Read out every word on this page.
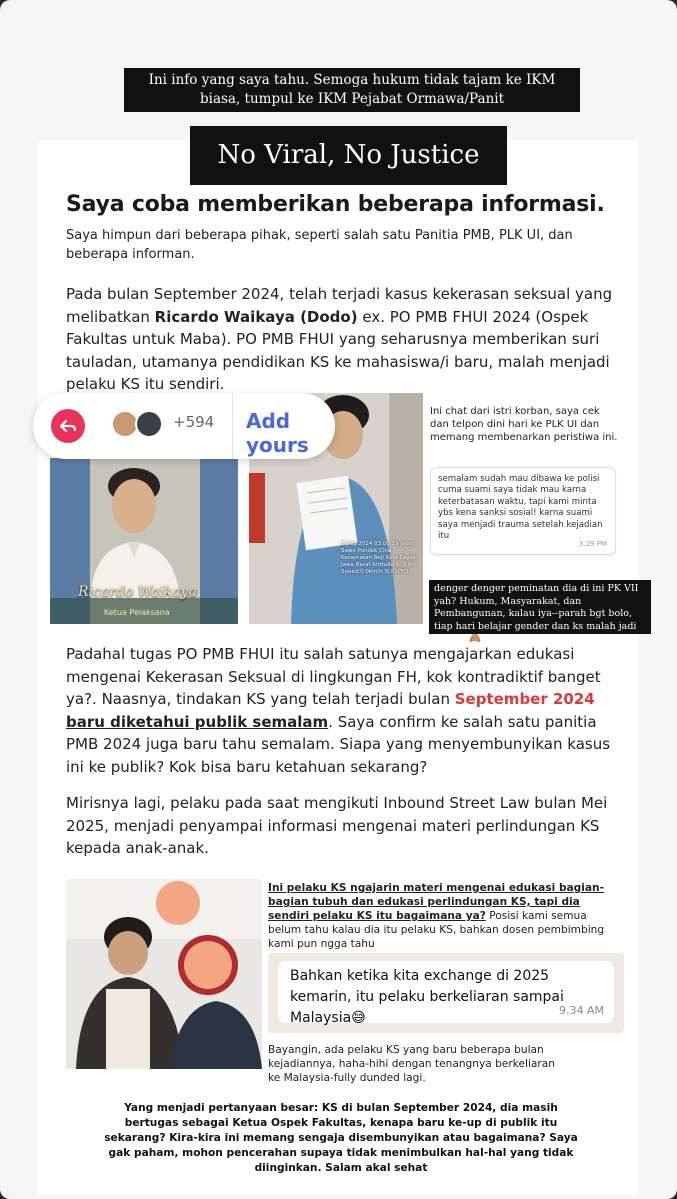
Ini info yang saya tahu. Semoga hukum tidak tajam ke IKM biasa, tumpul ke IKM Pejabat Ormawa/Panit
No Viral, No Justice
Saya coba memberikan beberapa informasi.
Saya himpun dari beberapa pihak, seperti salah satu Panitia PMB, PLK UI, dan beberapa informan.
Pada bulan September 2024, telah terjadi kasus kekerasan seksual yang melibatkan Ricardo Waikaya (Dodo) ex. PO PMB FHUI 2024 (Ospek Fakultas untuk Maba). PO PMB FHUI yang seharusnya memberikan suri tauladan, utamanya pendidikan KS ke mahasiswa/i baru, malah menjadi pelaku KS itu sendiri.
Ricardo Waikaya
Ketua Pelaksana
8 Sep 2024 03.00.19 Jalan Sawo Pondok Cina Kecamatan Beji Kota Depok Jawa Barat Altitude:100.0m Speed:0.0km/h SUCIPTO
+594 Add yours
Ini chat dari istri korban, saya cek dan telpon dini hari ke PLK UI dan memang membenarkan peristiwa ini.
semalam sudah mau dibawa ke polisi cuma suami saya tidak mau karna keterbatasan waktu, tapi kami minta ybs kena sanksi sosial! karna suami saya menjadi trauma setelah kejadian itu
3.29 PM
denger denger peminatan dia di ini PK VII yah? Hukum, Masyarakat, dan Pembangunan, kalau iya--parah bgt bolo, tiap hari belajar gender dan ks malah jadi pelaku 🙈
Padahal tugas PO PMB FHUI itu salah satunya mengajarkan edukasi mengenai Kekerasan Seksual di lingkungan FH, kok kontradiktif banget ya?. Naasnya, tindakan KS yang telah terjadi bulan September 2024 baru diketahui publik semalam. Saya confirm ke salah satu panitia PMB 2024 juga baru tahu semalam. Siapa yang menyembunyikan kasus ini ke publik? Kok bisa baru ketahuan sekarang?
Mirisnya lagi, pelaku pada saat mengikuti Inbound Street Law bulan Mei 2025, menjadi penyampai informasi mengenai materi perlindungan KS kepada anak-anak.
Ini pelaku KS ngajarin materi mengenai edukasi bagian-bagian tubuh dan edukasi perlindungan KS, tapi dia sendiri pelaku KS itu bagaimana ya? Posisi kami semua belum tahu kalau dia itu pelaku KS, bahkan dosen pembimbing kami pun ngga tahu
Bahkan ketika kita exchange di 2025 kemarin, itu pelaku berkeliaran sampai Malaysia😅	9.34 AM
Bayangin, ada pelaku KS yang baru beberapa bulan kejadiannya, haha-hihi dengan tenangnya berkeliaran ke Malaysia-fully dunded lagi.
Yang menjadi pertanyaan besar: KS di bulan September 2024, dia masih bertugas sebagai Ketua Ospek Fakultas, kenapa baru ke-up di publik itu sekarang? Kira-kira ini memang sengaja disembunyikan atau bagaimana? Saya gak paham, mohon pencerahan supaya tidak menimbulkan hal-hal yang tidak diinginkan. Salam akal sehat
